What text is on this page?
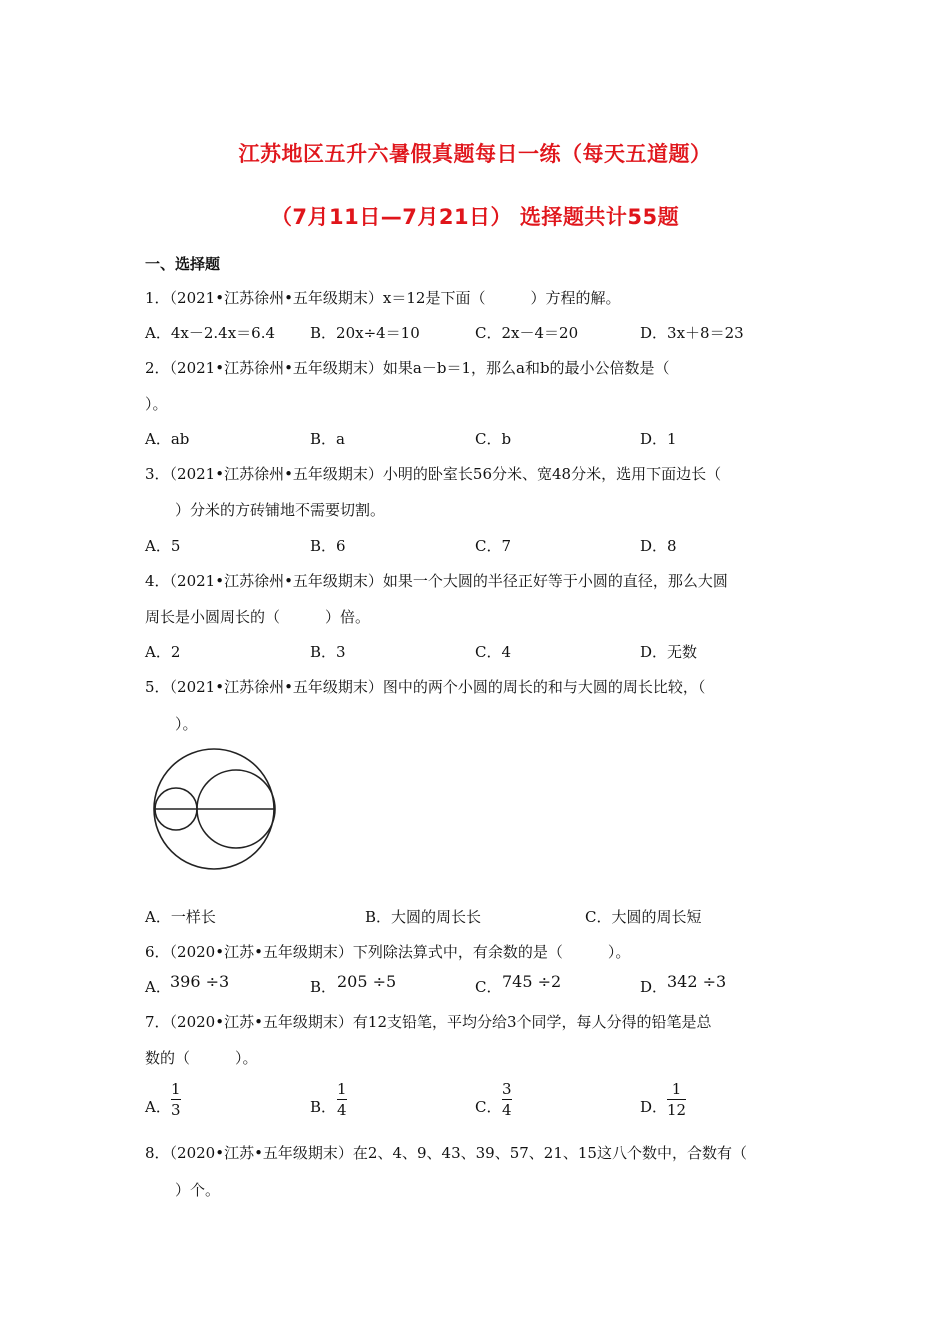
江苏地区五升六暑假真题每日一练（每天五道题）
（7月11日—7月21日） 选择题共计55题
一、选择题
1．（2021•江苏徐州•五年级期末）x＝12是下面（　　　）方程的解。
A．4x－2.4x＝6.4 B．20x÷4＝10	C．2x－4＝20	D．3x＋8＝23
2．（2021•江苏徐州•五年级期末）如果a－b＝1，那么a和b的最小公倍数是（
）。
A．ab	B．a	C．b	D．1
3．（2021•江苏徐州•五年级期末）小明的卧室长56分米、宽48分米，选用下面边长（
　）分米的方砖铺地不需要切割。
A．5	B．6	C．7	D．8
4．（2021•江苏徐州•五年级期末）如果一个大圆的半径正好等于小圆的直径，那么大圆
周长是小圆周长的（　　　）倍。
A．2	B．3	C．4	D．无数
5．（2021•江苏徐州•五年级期末）图中的两个小圆的周长的和与大圆的周长比较，（
　）。
A．一样长	B．大圆的周长长	C．大圆的周长短
6．（2020•江苏•五年级期末）下列除法算式中，有余数的是（　　　）。
A． 396 ÷3	B． 205 ÷5	C． 745 ÷2	D． 342 ÷3
7．（2020•江苏•五年级期末）有12支铅笔，平均分给3个同学，每人分得的铅笔是总
数的（　　　）。
A．
1
3	B．
1
4	C．
3
4	D．
1
12
8．（2020•江苏•五年级期末）在2、4、9、43、39、57、21、15这八个数中，合数有（
　）个。
